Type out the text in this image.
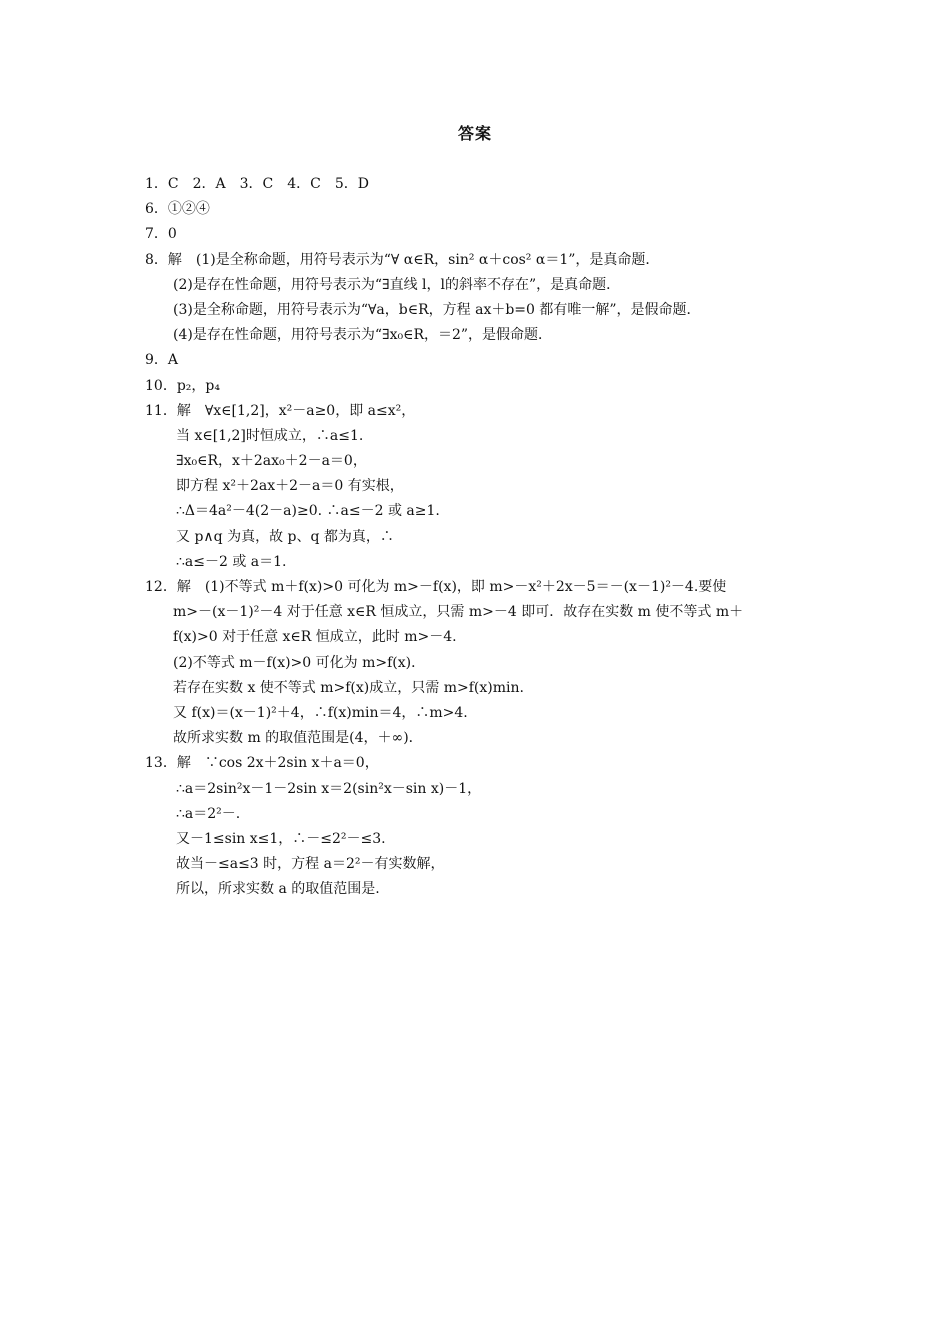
答案
1．C　2．A　3．C　4．C　5．D
6．①②④
7．0
8．解　(1)是全称命题，用符号表示为“∀ α∈R，sin² α＋cos² α＝1”，是真命题．
(2)是存在性命题，用符号表示为“∃直线 l，l的斜率不存在”，是真命题．
(3)是全称命题，用符号表示为“∀a，b∈R，方程 ax＋b=0 都有唯一解”，是假命题．
(4)是存在性命题，用符号表示为“∃x₀∈R，＝2”，是假命题．
9．A
10．p₂，p₄
11．解　∀x∈[1,2]，x²－a≥0，即 a≤x²，
当 x∈[1,2]时恒成立，∴a≤1.
∃x₀∈R，x＋2ax₀＋2－a＝0，
即方程 x²＋2ax＋2－a＝0 有实根，
∴Δ＝4a²－4(2－a)≥0. ∴a≤－2 或 a≥1.
又 p∧q 为真，故 p、q 都为真，∴
∴a≤－2 或 a＝1.
12．解　(1)不等式 m＋f(x)>0 可化为 m>－f(x)，即 m>－x²＋2x－5＝－(x－1)²－4.要使
m>－(x－1)²－4 对于任意 x∈R 恒成立，只需 m>－4 即可．故存在实数 m 使不等式 m＋
f(x)>0 对于任意 x∈R 恒成立，此时 m>－4.
(2)不等式 m－f(x)>0 可化为 m>f(x)．
若存在实数 x 使不等式 m>f(x)成立，只需 m>f(x)min.
又 f(x)＝(x－1)²＋4，∴f(x)min＝4，∴m>4.
故所求实数 m 的取值范围是(4，＋∞)．
13．解　∵cos 2x＋2sin x＋a＝0，
∴a＝2sin²x－1－2sin x＝2(sin²x－sin x)－1，
∴a＝2²－.
又－1≤sin x≤1，∴－≤2²－≤3.
故当－≤a≤3 时，方程 a＝2²－有实数解，
所以，所求实数 a 的取值范围是.
